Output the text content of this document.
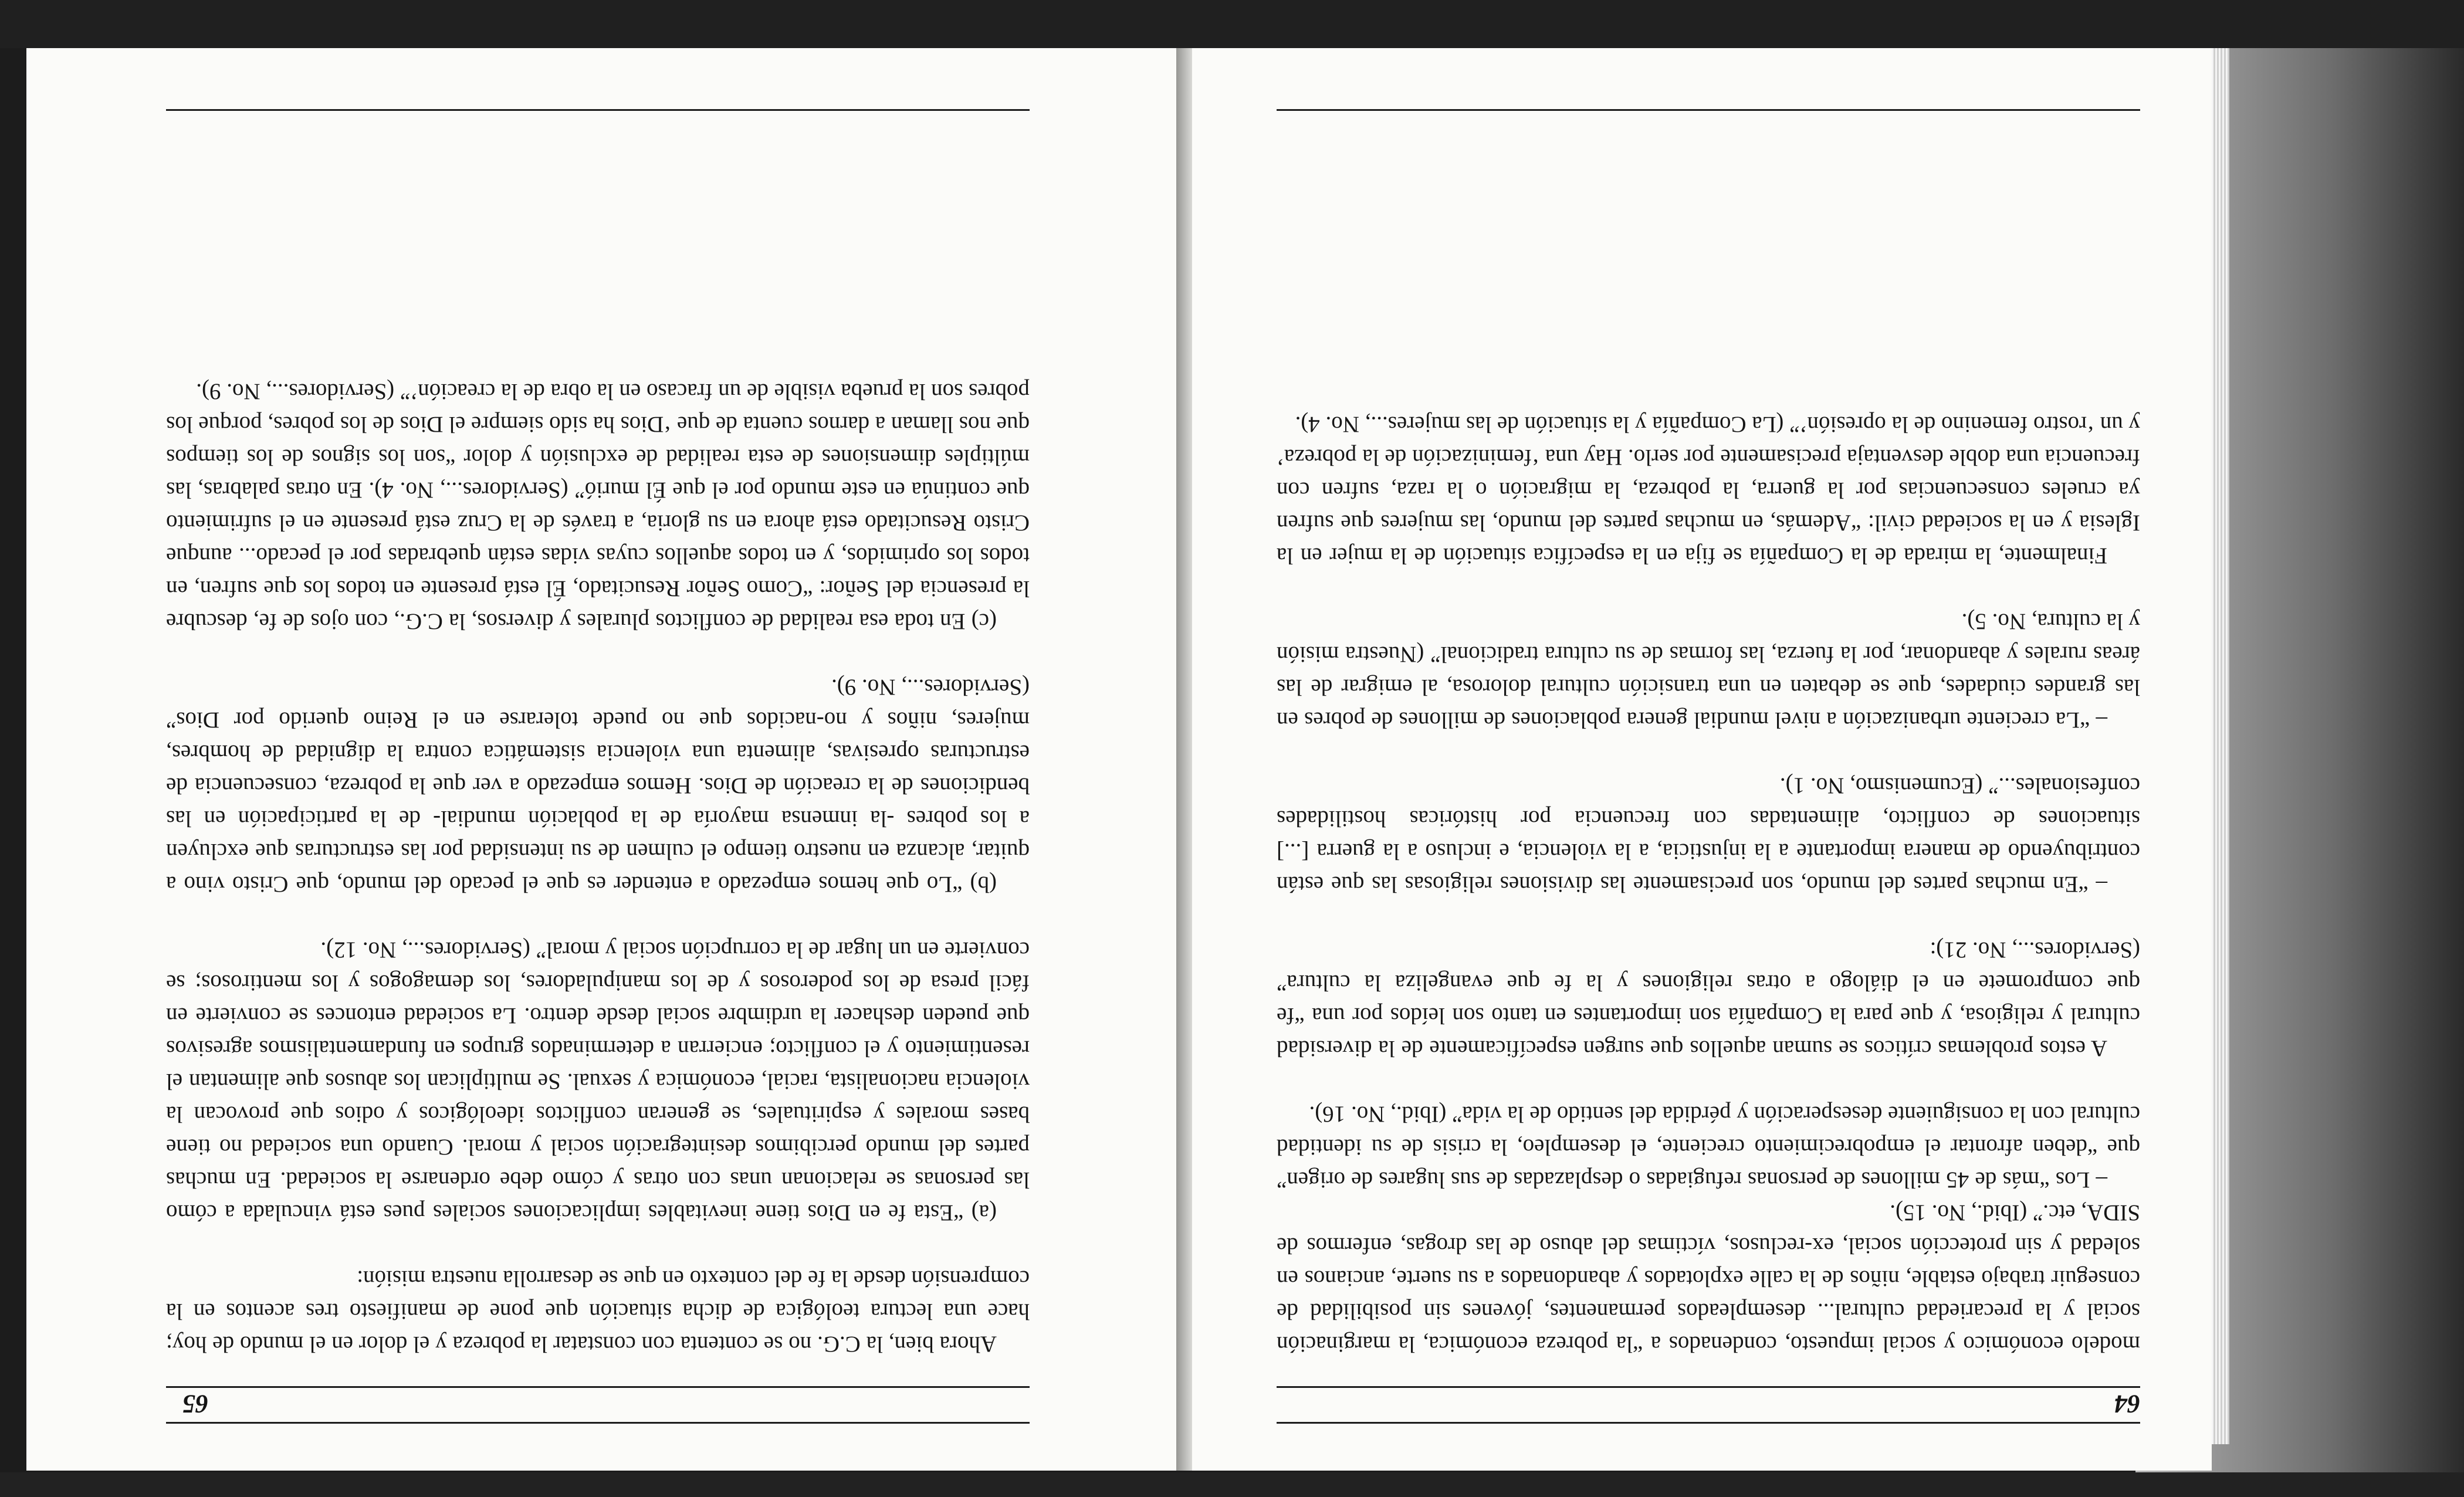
64

modelo económico y social impuesto, condenados a “la pobreza económica, la marginación social y la precariedad cultural... desempleados permanentes, jóvenes sin posibilidad de conseguir trabajo estable, niños de la calle explotados y abandonados a su suerte, ancianos en soledad y sin protección social, ex-reclusos, víctimas del abuso de las drogas, enfermos de SIDA, etc.” (Ibid., No. 15).

– Los “más de 45 millones de personas refugiadas o desplazadas de sus lugares de origen” que “deben afrontar el empobrecimiento creciente, el desempleo, la crisis de su identidad cultural con la consiguiente desesperación y pérdida del sentido de la vida” (Ibid., No. 16).

A estos problemas críticos se suman aquellos que surgen específicamente de la diversidad cultural y religiosa, y que para la Compañía son importantes en tanto son leídos por una “fe que compromete en el diálogo a otras religiones y la fe que evangeliza la cultura” (Servidores..., No. 21):

– “En muchas partes del mundo, son precisamente las divisiones religiosas las que están contribuyendo de manera importante a la injusticia, a la violencia, e incluso a la guerra [...] situaciones de conflicto, alimentadas con frecuencia por históricas hostilidades confesionales...” (Ecumenismo, No. 1).

– “La creciente urbanización a nivel mundial genera poblaciones de millones de pobres en las grandes ciudades, que se debaten en una transición cultural dolorosa, al emigrar de las áreas rurales y abandonar, por la fuerza, las formas de su cultura tradicional” (Nuestra misión y la cultura, No. 5).

Finalmente, la mirada de la Compañía se fija en la específica situación de la mujer en la Iglesia y en la sociedad civil: “Además, en muchas partes del mundo, las mujeres que sufren ya crueles consecuencias por la guerra, la pobreza, la migración o la raza, sufren con frecuencia una doble desventaja precisamente por serlo. Hay una ‘feminización de la pobreza’ y un ‘rostro femenino de la opresión’” (La Compañía y la situación de las mujeres..., No. 4).

65

Ahora bien, la C.G. no se contenta con constatar la pobreza y el dolor en el mundo de hoy; hace una lectura teológica de dicha situación que pone de manifiesto tres acentos en la comprensión desde la fe del contexto en que se desarrolla nuestra misión:

(a) “Esta fe en Dios tiene inevitables implicaciones sociales pues está vinculada a cómo las personas se relacionan unas con otras y cómo debe ordenarse la sociedad. En muchas partes del mundo percibimos desintegración social y moral. Cuando una sociedad no tiene bases morales y espirituales, se generan conflictos ideológicos y odios que provocan la violencia nacionalista, racial, económica y sexual. Se multiplican los abusos que alimentan el resentimiento y el conflicto; encierran a determinados grupos en fundamentalismos agresivos que pueden deshacer la urdimbre social desde dentro. La sociedad entonces se convierte en fácil presa de los poderosos y de los manipuladores, los demagogos y los mentirosos; se convierte en un lugar de la corrupción social y moral” (Servidores..., No. 12).

(b) “Lo que hemos empezado a entender es que el pecado del mundo, que Cristo vino a quitar, alcanza en nuestro tiempo el culmen de su intensidad por las estructuras que excluyen a los pobres -la inmensa mayoría de la población mundial- de la participación en las bendiciones de la creación de Dios. Hemos empezado a ver que la pobreza, consecuencia de estructuras opresivas, alimenta una violencia sistemática contra la dignidad de hombres, mujeres, niños y no-nacidos que no puede tolerarse en el Reino querido por Dios” (Servidores..., No. 9).

(c) En toda esa realidad de conflictos plurales y diversos, la C.G., con ojos de fe, descubre la presencia del Señor: “Como Señor Resucitado, Él está presente en todos los que sufren, en todos los oprimidos, y en todos aquellos cuyas vidas están quebradas por el pecado... aunque Cristo Resucitado está ahora en su gloria, a través de la Cruz está presente en el sufrimiento que continúa en este mundo por el que Él murió” (Servidores..., No. 4). En otras palabras, las múltiples dimensiones de esta realidad de exclusión y dolor “son los signos de los tiempos que nos llaman a darnos cuenta de que ‘Dios ha sido siempre el Dios de los pobres, porque los pobres son la prueba visible de un fracaso en la obra de la creación’” (Servidores..., No. 9).
